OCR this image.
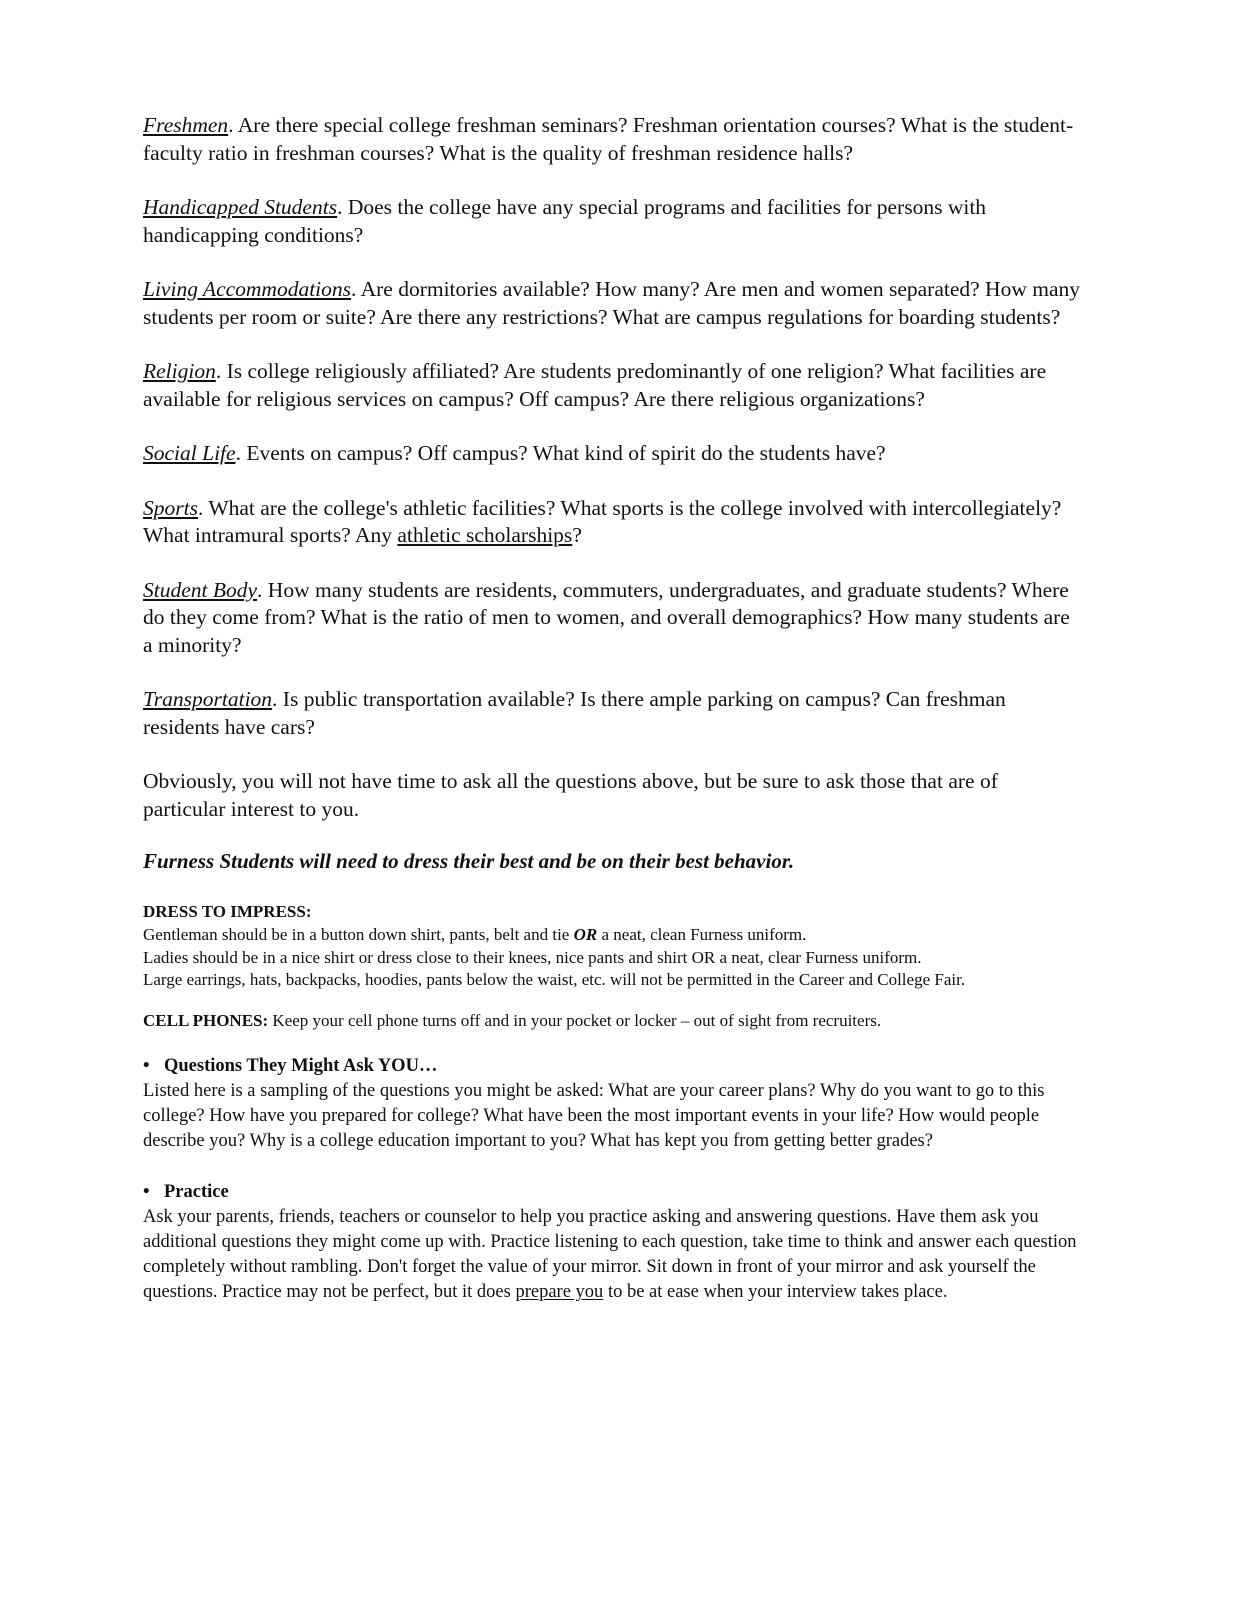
Freshmen. Are there special college freshman seminars? Freshman orientation courses? What is the student-faculty ratio in freshman courses? What is the quality of freshman residence halls?

Handicapped Students. Does the college have any special programs and facilities for persons with handicapping conditions?

Living Accommodations. Are dormitories available? How many? Are men and women separated? How many students per room or suite? Are there any restrictions? What are campus regulations for boarding students?

Religion. Is college religiously affiliated? Are students predominantly of one religion? What facilities are available for religious services on campus? Off campus? Are there religious organizations?

Social Life. Events on campus? Off campus? What kind of spirit do the students have?

Sports. What are the college's athletic facilities? What sports is the college involved with intercollegiately? What intramural sports? Any athletic scholarships?

Student Body. How many students are residents, commuters, undergraduates, and graduate students? Where do they come from? What is the ratio of men to women, and overall demographics? How many students are a minority?

Transportation. Is public transportation available? Is there ample parking on campus? Can freshman residents have cars?

Obviously, you will not have time to ask all the questions above, but be sure to ask those that are of particular interest to you.

Furness Students will need to dress their best and be on their best behavior.

DRESS TO IMPRESS:
Gentleman should be in a button down shirt, pants, belt and tie OR a neat, clean Furness uniform.
Ladies should be in a nice shirt or dress close to their knees, nice pants and shirt OR a neat, clear Furness uniform.
Large earrings, hats, backpacks, hoodies, pants below the waist, etc. will not be permitted in the Career and College Fair.
CELL PHONES: Keep your cell phone turns off and in your pocket or locker – out of sight from recruiters.
• Questions They Might Ask YOU…
Listed here is a sampling of the questions you might be asked: What are your career plans? Why do you want to go to this college? How have you prepared for college? What have been the most important events in your life? How would people describe you? Why is a college education important to you? What has kept you from getting better grades?
• Practice
Ask your parents, friends, teachers or counselor to help you practice asking and answering questions. Have them ask you additional questions they might come up with. Practice listening to each question, take time to think and answer each question completely without rambling. Don't forget the value of your mirror. Sit down in front of your mirror and ask yourself the questions. Practice may not be perfect, but it does prepare you to be at ease when your interview takes place.
